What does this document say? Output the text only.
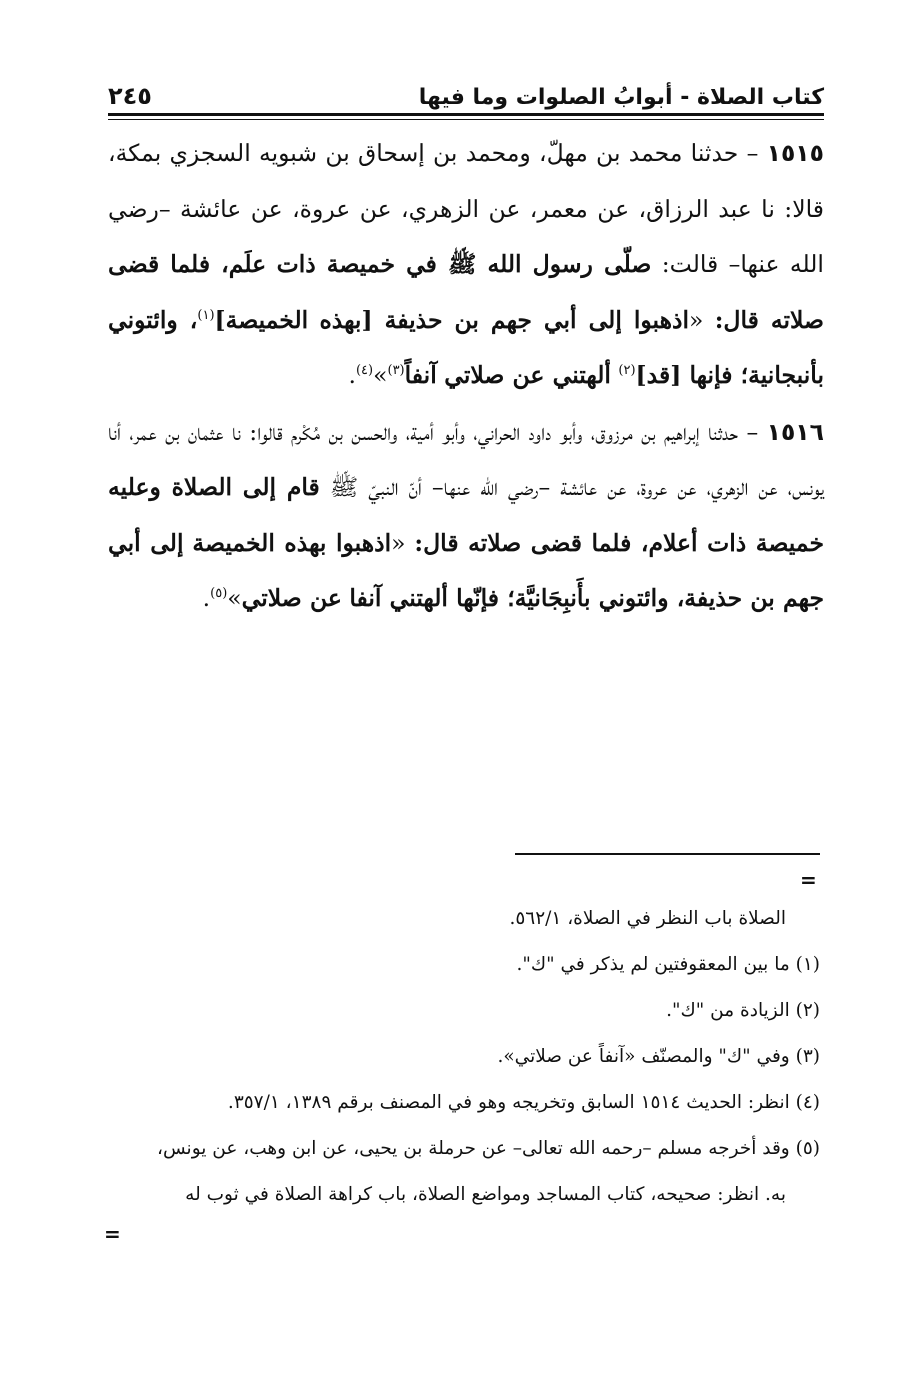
كتاب الصلاة - أبوابُ الصلوات وما فيها
٢٤٥

١٥١٥ – حدثنا محمد بن مهلّ، ومحمد بن إسحاق بن شبويه السجزي بمكة، قالا: نا عبد الرزاق، عن معمر، عن الزهري، عن عروة، عن عائشة –رضي الله عنها– قالت: صلّى رسول الله ﷺ في خميصة ذات علَم، فلما قضى صلاته قال: «اذهبوا إلى أبي جهم بن حذيفة [بهذه الخميصة]$^{(١)}$، وائتوني بأنبجانية؛ فإنها [قد]$^{(٢)}$ ألهتني عن صلاتي آنفاً$^{(٣)}$»$^{(٤)}$.

١٥١٦ – حدثنا إبراهيم بن مرزوق، وأبو داود الحراني، وأبو أمية، والحسن بن مُكْرم قالوا: نا عثمان بن عمر، أنا يونس، عن الزهري، عن عروة، عن عائشة –رضي الله عنها– أنّ النبيّ ﷺ قام إلى الصلاة وعليه خميصة ذات أعلام، فلما قضى صلاته قال: «اذهبوا بهذه الخميصة إلى أبي جهم بن حذيفة، وائتوني بأَنبِجَانيَّة؛ فإنّها ألهتني آنفا عن صلاتي»$^{(٥)}$.

=

الصلاة باب النظر في الصلاة، ٥٦٢/١.

(١) ما بين المعقوفتين لم يذكر في "ك".

(٢) الزيادة من "ك".

(٣) وفي "ك" والمصنّف «آنفاً عن صلاتي».

(٤) انظر: الحديث ١٥١٤ السابق وتخريجه وهو في المصنف برقم ١٣٨٩، ٣٥٧/١.

(٥) وقد أخرجه مسلم –رحمه الله تعالى– عن حرملة بن يحيى، عن ابن وهب، عن يونس،

به. انظر: صحيحه، كتاب المساجد ومواضع الصلاة، باب كراهة الصلاة في ثوب له

=
